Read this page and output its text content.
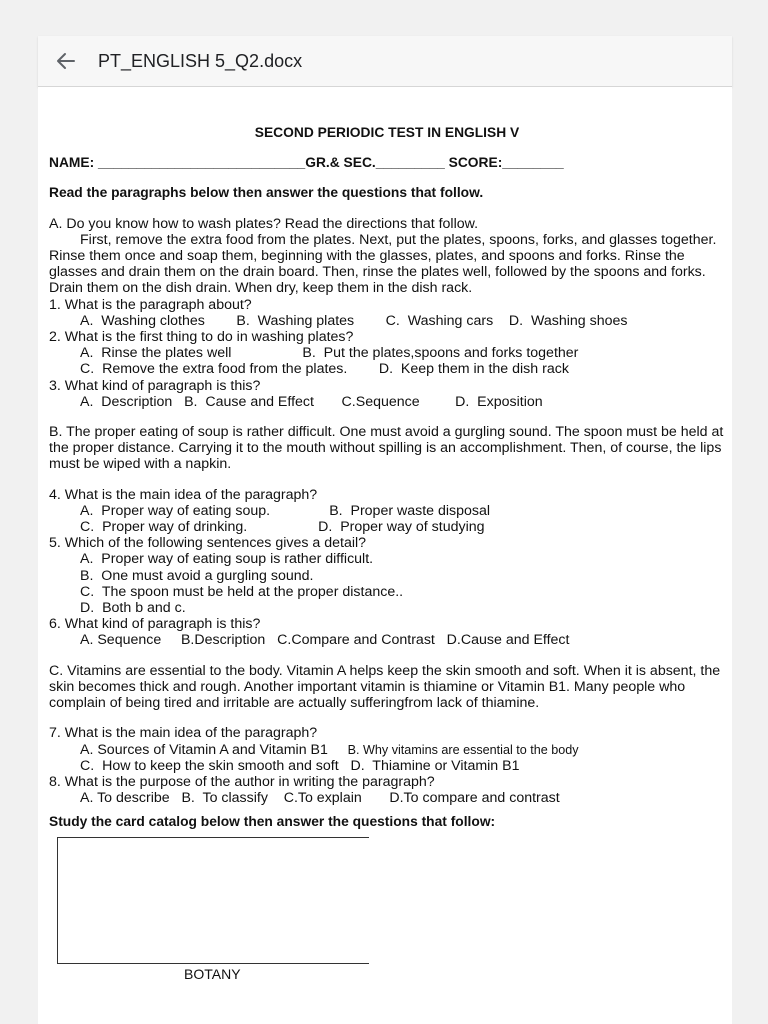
PT_ENGLISH 5_Q2.docx

SECOND PERIODIC TEST IN ENGLISH V

NAME: ___________________________GR.& SEC._________ SCORE:________

Read the paragraphs below then answer the questions that follow.

A. Do you know how to wash plates? Read the directions that follow.

First, remove the extra food from the plates. Next, put the plates, spoons, forks, and glasses together. Rinse them once and soap them, beginning with the glasses, plates, and spoons and forks. Rinse the glasses and drain them on the drain board. Then, rinse the plates well, followed by the spoons and forks. Drain them on the dish drain. When dry, keep them in the dish rack.

1. What is the paragraph about?

A.  Washing clothes        B.  Washing plates        C.  Washing cars    D.  Washing shoes

2. What is the first thing to do in washing plates?

A.  Rinse the plates well                  B.  Put the plates,spoons and forks together

C.  Remove the extra food from the plates.        D.  Keep them in the dish rack

3. What kind of paragraph is this?

A.  Description   B.  Cause and Effect       C.Sequence         D.  Exposition

B. The proper eating of soup is rather difficult. One must avoid a gurgling sound. The spoon must be held at the proper distance. Carrying it to the mouth without spilling is an accomplishment. Then, of course, the lips must be wiped with a napkin.

4. What is the main idea of the paragraph?

A.  Proper way of eating soup.               B.  Proper waste disposal

C.  Proper way of drinking.                  D.  Proper way of studying

5. Which of the following sentences gives a detail?

A.  Proper way of eating soup is rather difficult.

B.  One must avoid a gurgling sound.

C.  The spoon must be held at the proper distance..

D.  Both b and c.

6. What kind of paragraph is this?

A. Sequence     B.Description   C.Compare and Contrast   D.Cause and Effect

C. Vitamins are essential to the body. Vitamin A helps keep the skin smooth and soft. When it is absent, the skin becomes thick and rough. Another important vitamin is thiamine or Vitamin B1. Many people who complain of being tired and irritable are actually sufferingfrom lack of thiamine.

7. What is the main idea of the paragraph?

A. Sources of Vitamin A and Vitamin B1     B. Why vitamins are essential to the body

C.  How to keep the skin smooth and soft   D.  Thiamine or Vitamin B1

8. What is the purpose of the author in writing the paragraph?

A. To describe   B.  To classify    C.To explain       D.To compare and contrast

Study the card catalog below then answer the questions that follow:

BOTANY
